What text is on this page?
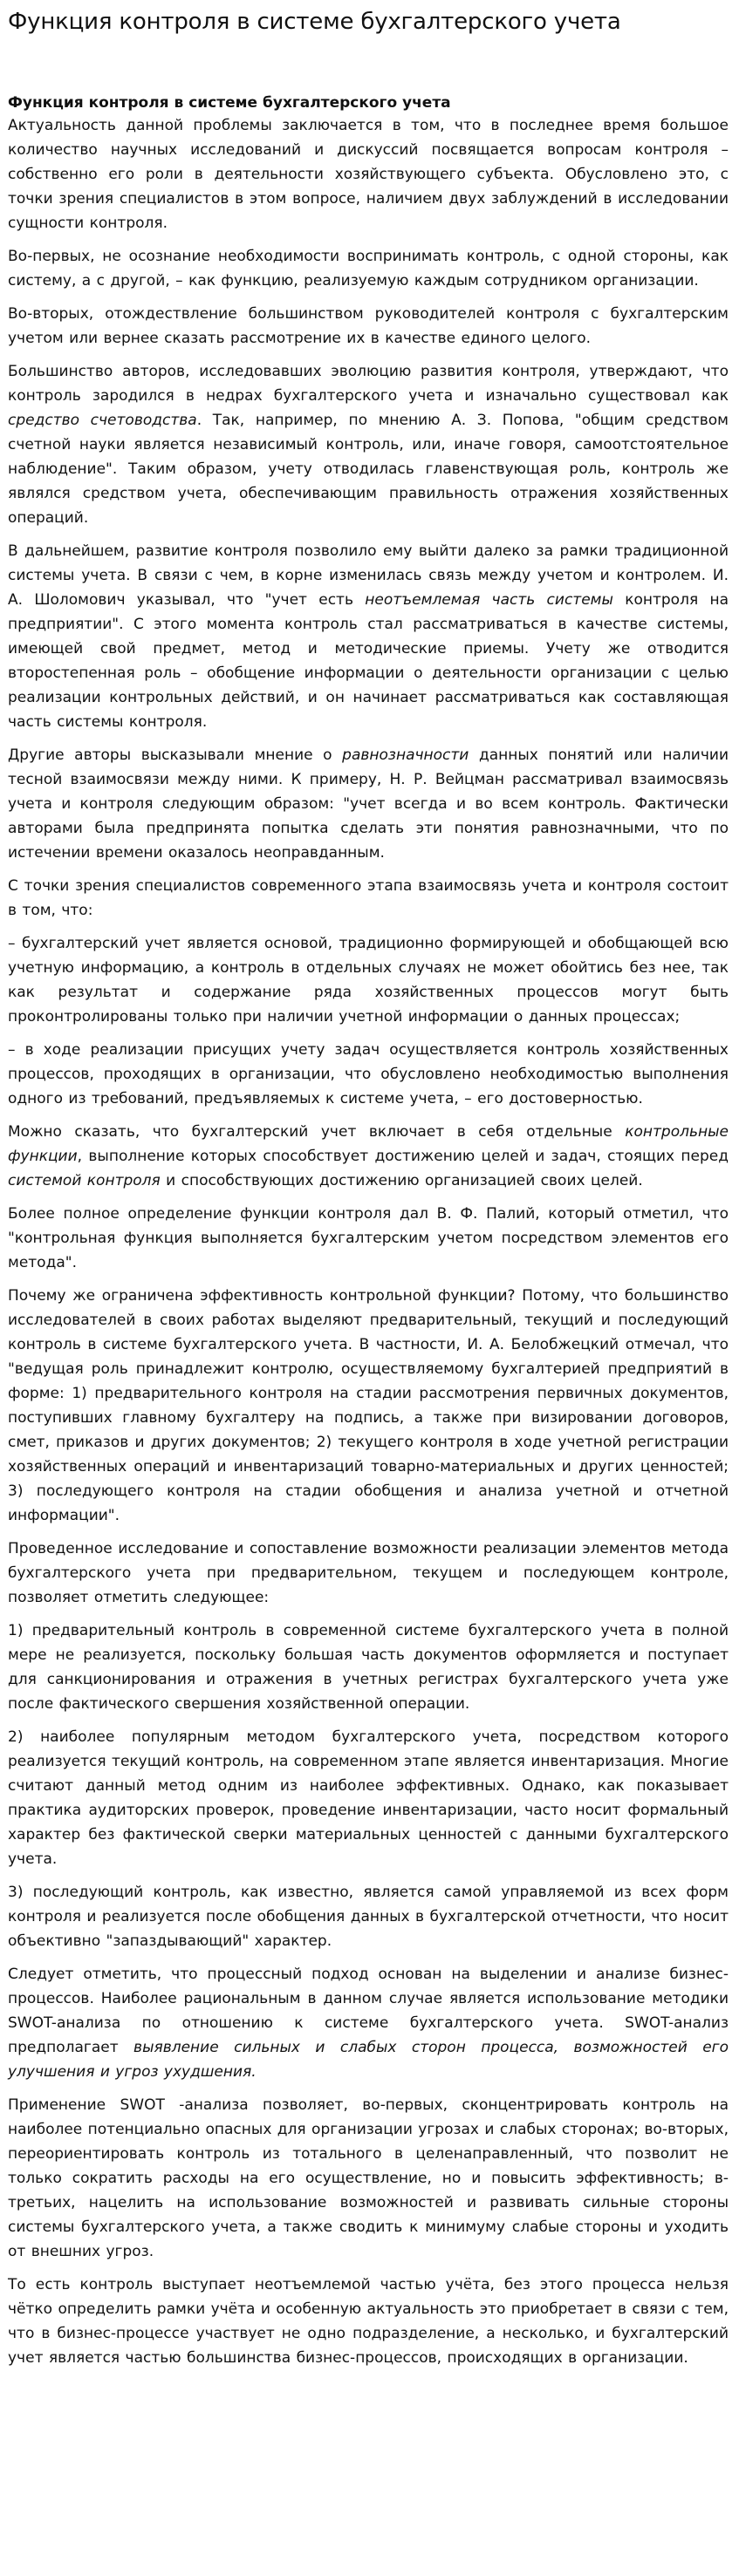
Функция контроля в системе бухгалтерского учета
Функция контроля в системе бухгалтерского учета

Актуальность данной проблемы заключается в том, что в последнее время большое количество научных исследований и дискуссий посвящается вопросам контроля – собственно его роли в деятельности хозяйствующего субъекта. Обусловлено это, с точки зрения специалистов в этом вопросе, наличием двух заблуждений в исследовании сущности контроля.

Во-первых, не осознание необходимости воспринимать контроль, с одной стороны, как систему, а с другой, – как функцию, реализуемую каждым сотрудником организации.

Во-вторых, отождествление большинством руководителей контроля с бухгалтерским учетом или вернее сказать рассмотрение их в качестве единого целого.

Большинство авторов, исследовавших эволюцию развития контроля, утверждают, что контроль зародился в недрах бухгалтерского учета и изначально существовал как средство счетоводства. Так, например, по мнению А. З. Попова, "общим средством счетной науки является независимый контроль, или, иначе говоря, самоотстоятельное наблюдение". Таким образом, учету отводилась главенствующая роль, контроль же являлся средством учета, обеспечивающим правильность отражения хозяйственных операций.

В дальнейшем, развитие контроля позволило ему выйти далеко за рамки традиционной системы учета. В связи с чем, в корне изменилась связь между учетом и контролем. И. А. Шоломович указывал, что "учет есть неотъемлемая часть системы контроля на предприятии". С этого момента контроль стал рассматриваться в качестве системы, имеющей свой предмет, метод и методические приемы. Учету же отводится второстепенная роль – обобщение информации о деятельности организации с целью реализации контрольных действий, и он начинает рассматриваться как составляющая часть системы контроля.

Другие авторы высказывали мнение о равнозначности данных понятий или наличии тесной взаимосвязи между ними. К примеру, Н. Р. Вейцман рассматривал взаимосвязь учета и контроля следующим образом: "учет всегда и во всем контроль. Фактически авторами была предпринята попытка сделать эти понятия равнозначными, что по истечении времени оказалось неоправданным.

С точки зрения специалистов современного этапа взаимосвязь учета и контроля состоит в том, что:

– бухгалтерский учет является основой, традиционно формирующей и обобщающей всю учетную информацию, а контроль в отдельных случаях не может обойтись без нее, так как результат и содержание ряда хозяйственных процессов могут быть проконтролированы только при наличии учетной информации о данных процессах;

– в ходе реализации присущих учету задач осуществляется контроль хозяйственных процессов, проходящих в организации, что обусловлено необходимостью выполнения одного из требований, предъявляемых к системе учета, – его достоверностью.

Можно сказать, что бухгалтерский учет включает в себя отдельные контрольные функции, выполнение которых способствует достижению целей и задач, стоящих перед системой контроля и способствующих достижению организацией своих целей.

Более полное определение функции контроля дал В. Ф. Палий, который отметил, что "контрольная функция выполняется бухгалтерским учетом посредством элементов его метода".

Почему же ограничена эффективность контрольной функции? Потому, что большинство исследователей в своих работах выделяют предварительный, текущий и последующий контроль в системе бухгалтерского учета. В частности, И. А. Белобжецкий отмечал, что "ведущая роль принадлежит контролю, осуществляемому бухгалтерией предприятий в форме: 1) предварительного контроля на стадии рассмотрения первичных документов, поступивших главному бухгалтеру на подпись, а также при визировании договоров, смет, приказов и других документов; 2) текущего контроля в ходе учетной регистрации хозяйственных операций и инвентаризаций товарно-материальных и других ценностей; 3) последующего контроля на стадии обобщения и анализа учетной и отчетной информации".

Проведенное исследование и сопоставление возможности реализации элементов метода бухгалтерского учета при предварительном, текущем и последующем контроле, позволяет отметить следующее:

1) предварительный контроль в современной системе бухгалтерского учета в полной мере не реализуется, поскольку большая часть документов оформляется и поступает для санкционирования и отражения в учетных регистрах бухгалтерского учета уже после фактического свершения хозяйственной операции.

2) наиболее популярным методом бухгалтерского учета, посредством которого реализуется текущий контроль, на современном этапе является инвентаризация. Многие считают данный метод одним из наиболее эффективных. Однако, как показывает практика аудиторских проверок, проведение инвентаризации, часто носит формальный характер без фактической сверки материальных ценностей с данными бухгалтерского учета.

3) последующий контроль, как известно, является самой управляемой из всех форм контроля и реализуется после обобщения данных в бухгалтерской отчетности, что носит объективно "запаздывающий" характер.

Следует отметить, что процессный подход основан на выделении и анализе бизнес-процессов. Наиболее рациональным в данном случае является использование методики SWOT-анализа по отношению к системе бухгалтерского учета. SWOT-анализ предполагает выявление сильных и слабых сторон процесса, возможностей его улучшения и угроз ухудшения.

Применение SWOT -анализа позволяет, во-первых, сконцентрировать контроль на наиболее потенциально опасных для организации угрозах и слабых сторонах; во-вторых, переориентировать контроль из тотального в целенаправленный, что позволит не только сократить расходы на его осуществление, но и повысить эффективность; в-третьих, нацелить на использование возможностей и развивать сильные стороны системы бухгалтерского учета, а также сводить к минимуму слабые стороны и уходить от внешних угроз.

То есть контроль выступает неотъемлемой частью учёта, без этого процесса нельзя чётко определить рамки учёта и особенную актуальность это приобретает в связи с тем, что в бизнес-процессе участвует не одно подразделение, а несколько, и бухгалтерский учет является частью большинства бизнес-процессов, происходящих в организации.
